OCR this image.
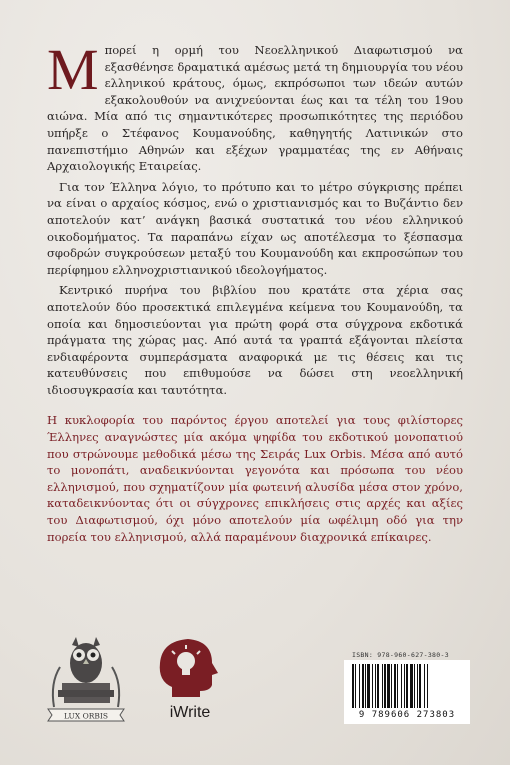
Μπορεί η ορμή του Νεοελληνικού Διαφωτισμού να εξασθένησε δραματικά αμέσως μετά τη δημιουργία του νέου ελληνικού κράτους, όμως, εκπρόσωποι των ιδεών αυτών εξακολουθούν να ανιχνεύονται έως και τα τέλη του 19ου αιώνα. Μία από τις σημαντικότερες προσωπικότητες της περιόδου υπήρξε ο Στέφανος Κουμανούδης, καθηγητής Λατινικών στο πανεπιστήμιο Αθηνών και εξέχων γραμματέας της εν Αθήναις Αρχαιολογικής Εταιρείας.

Για τον Έλληνα λόγιο, το πρότυπο και το μέτρο σύγκρισης πρέπει να είναι ο αρχαίος κόσμος, ενώ ο χριστιανισμός και το Βυζάντιο δεν αποτελούν κατ’ ανάγκη βασικά συστατικά του νέου ελληνικού οικοδομήματος. Τα παραπάνω είχαν ως αποτέλεσμα το ξέσπασμα σφοδρών συγκρούσεων μεταξύ του Κουμανούδη και εκπροσώπων του περίφημου ελληνοχριστιανικού ιδεολογήματος.

Κεντρικό πυρήνα του βιβλίου που κρατάτε στα χέρια σας αποτελούν δύο προσεκτικά επιλεγμένα κείμενα του Κουμανούδη, τα οποία και δημοσιεύονται για πρώτη φορά στα σύγχρονα εκδοτικά πράγματα της χώρας μας. Από αυτά τα γραπτά εξάγονται πλείστα ενδιαφέροντα συμπεράσματα αναφορικά με τις θέσεις και τις κατευθύνσεις που επιθυμούσε να δώσει στη νεοελληνική ιδιοσυγκρασία και ταυτότητα.

Η κυκλοφορία του παρόντος έργου αποτελεί για τους φιλίστορες Έλληνες αναγνώστες μία ακόμα ψηφίδα του εκδοτικού μονοπατιού που στρώνουμε μεθοδικά μέσω της Σειράς Lux Orbis. Μέσα από αυτό το μονοπάτι, αναδεικνύονται γεγονότα και πρόσωπα του νέου ελληνισμού, που σχηματίζουν μία φωτεινή αλυσίδα μέσα στον χρόνο, καταδεικνύοντας ότι οι σύγχρονες επικλήσεις στις αρχές και αξίες του Διαφωτισμού, όχι μόνο αποτελούν μία ωφέλιμη οδό για την πορεία του ελληνισμού, αλλά παραμένουν διαχρονικά επίκαιρες.

LUX ORBIS	iWrite
ISBN: 978-960-627-380-3
9 789606 273803
